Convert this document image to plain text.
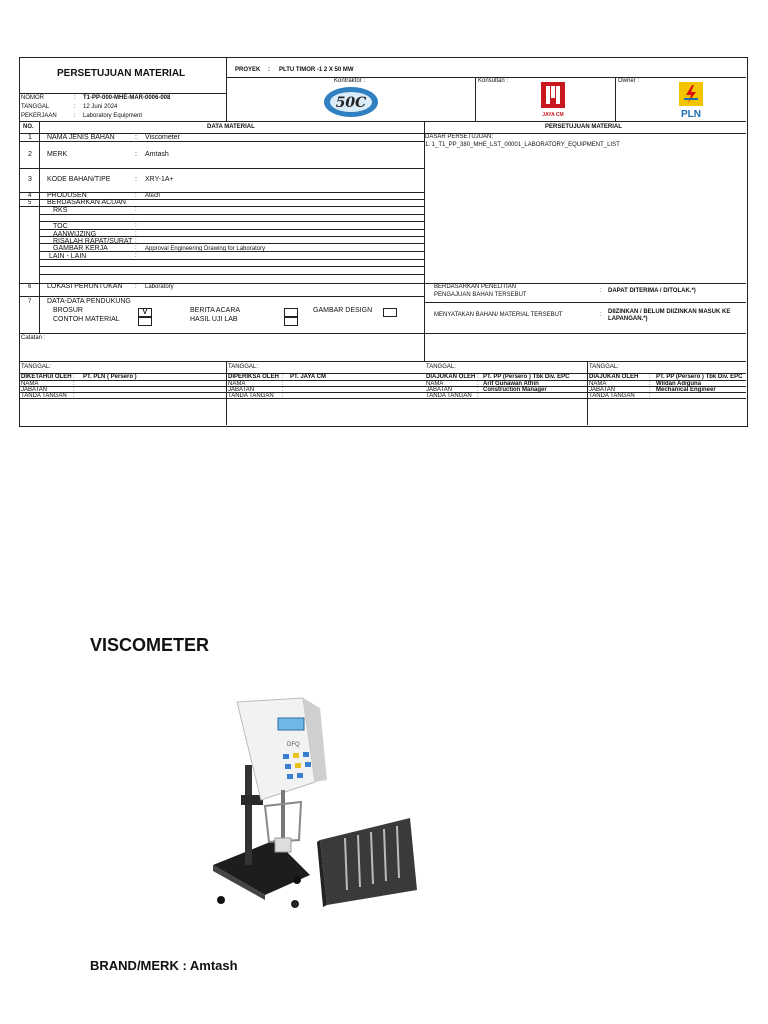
PERSETUJUAN MATERIAL	PROYEK : PLTU TIMOR -1 2 X 50 MW
Kontraktor :	Konsultan :	Owner :
50C
JAYA CM	PLN
NOMOR	: T1-PP-000-MHE-MAR-0006-008
TANGGAL	: 12 Juni 2024
PEKERJAAN	: Laboratory Equipment
NO.	DATA MATERIAL	PERSETUJUAN MATERIAL
1 NAMA JENIS BAHAN	: Viscometer
2 MERK	: Amtash
3 KODE BAHAN/TIPE	: XRY-1A+
4 PRODUSEN	: Atech
5 BERDASARKAN ACUAN
RKS	:
TOC	:
AANWIJZING	:
RISALAH RAPAT/SURAT :
GAMBAR KERJA	: Approval Engineering Drawing for Laboratory
LAIN - LAIN	:
6 LOKASI PERUNTUKAN : Laboratory
7 DATA-DATA PENDUKUNG
BROSUR	V	BERITA ACARA	GAMBAR DESIGN
CONTOH MATERIAL	HASIL UJI LAB
DASAR PERSETUJUAN:
1. 1_T1_PP_380_MHE_LST_00001_LABORATORY_EQUIPMENT_LIST
BERDASARKAN PENELITIAN
PENGAJUAN BAHAN TERSEBUT
: DAPAT DITERIMA / DITOLAK.*)
MENYATAKAN BAHAN/ MATERIAL TERSEBUT	: DIIZINKAN / BELUM DIIZINKAN MASUK KE
LAPANGAN.*)
Catatan :
TANGGAL:
DIKETAHUI OLEH : PT. PLN ( Persero )
NAMA	:
JABATAN	:
TANDA TANGAN :
TANGGAL:
DIPERIKSA OLEH : PT. JAYA CM
NAMA	:
JABATAN	:
TANDA TANGAN :
TANGGAL:
DIAJUKAN OLEH : PT. PP (Persero ) Tbk Div. EPC
NAMA	: Arif Gunawan Athin
JABATAN	: Construction Manager
TANDA TANGAN :
TANGGAL:
DIAJUKAN OLEH : PT. PP (Persero ) Tbk Div. EPC
NAMA	: Wildan Adiguna
JABATAN	: Mechanical Engineer
TANDA TANGAN :
VISCOMETER
DFQ
BRAND/MERK : Amtash
